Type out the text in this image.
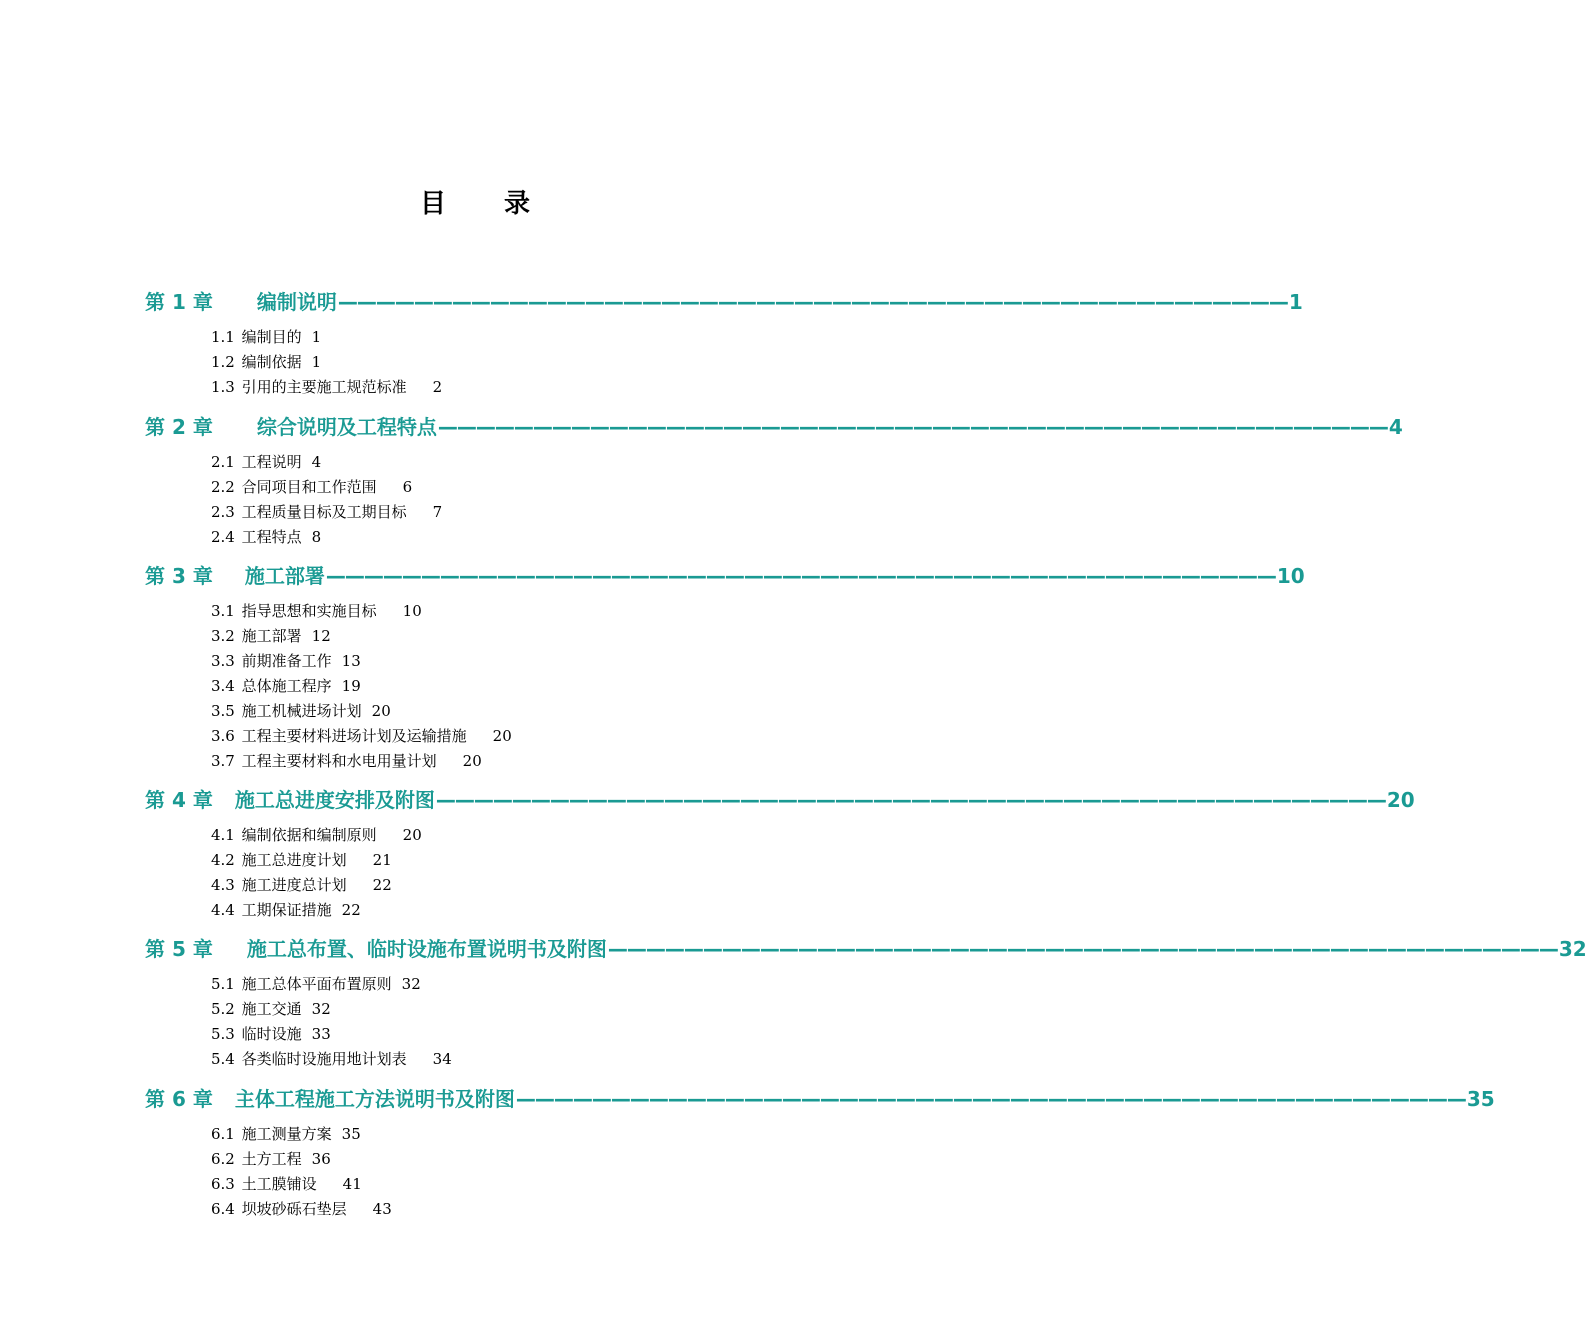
目录
第 1 章 编制说明 —————————————————————————————————————————————————— 1
1.1 编制目的 1
1.2 编制依据 1
1.3 引用的主要施工规范标准 2
第 2 章 综合说明及工程特点 —————————————————————————————————————————————————— 4
2.1 工程说明 4
2.2 合同项目和工作范围 6
2.3 工程质量目标及工期目标 7
2.4 工程特点 8
第 3 章 施工部署 —————————————————————————————————————————————————— 10
3.1 指导思想和实施目标 10
3.2 施工部署 12
3.3 前期准备工作 13
3.4 总体施工程序 19
3.5 施工机械进场计划 20
3.6 工程主要材料进场计划及运输措施 20
3.7 工程主要材料和水电用量计划 20
第 4 章 施工总进度安排及附图 —————————————————————————————————————————————————— 20
4.1 编制依据和编制原则 20
4.2 施工总进度计划 21
4.3 施工进度总计划 22
4.4 工期保证措施 22
第 5 章 施工总布置、临时设施布置说明书及附图 —————————————————————————————————————————————————— 32
5.1 施工总体平面布置原则 32
5.2 施工交通 32
5.3 临时设施 33
5.4 各类临时设施用地计划表 34
第 6 章 主体工程施工方法说明书及附图 —————————————————————————————————————————————————— 35
6.1 施工测量方案 35
6.2 土方工程 36
6.3 土工膜铺设 41
6.4 坝坡砂砾石垫层 43
